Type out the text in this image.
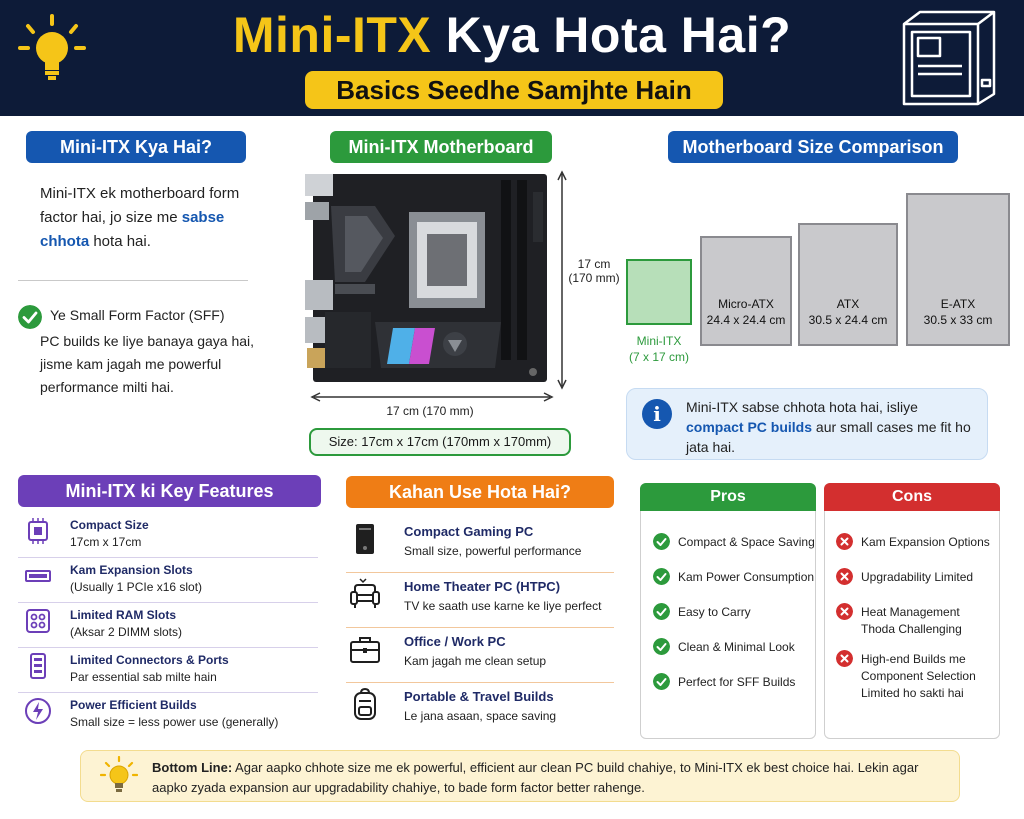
Mini-ITX Kya Hota Hai?
Basics Seedhe Samjhte Hain
Mini-ITX Kya Hai?
Mini-ITX ek motherboard form factor hai, jo size me sabse chhota hota hai.
Ye Small Form Factor (SFF)
PC builds ke liye banaya gaya hai, jisme kam jagah me powerful performance milti hai.
Mini-ITX Motherboard
17 cm
(170 mm)
17 cm (170 mm)
Size: 17cm x 17cm (170mm x 170mm)
Motherboard Size Comparison
Mini-ITX
(7 x 17 cm)
Micro-ATX
24.4 x 24.4 cm
ATX
30.5 x 24.4 cm
E-ATX
30.5 x 33 cm
i	Mini-ITX sabse chhota hota hai, isliye compact PC builds aur small cases me fit ho jata hai.
Mini-ITX ki Key Features
Compact Size
17cm x 17cm
Kam Expansion Slots
(Usually 1 PCIe x16 slot)
Limited RAM Slots
(Aksar 2 DIMM slots)
Limited Connectors & Ports
Par essential sab milte hain
Power Efficient Builds
Small size = less power use (generally)
Kahan Use Hota Hai?
Compact Gaming PC
Small size, powerful performance
Home Theater PC (HTPC)
TV ke saath use karne ke liye perfect
Office / Work PC
Kam jagah me clean setup
Portable & Travel Builds
Le jana asaan, space saving
Pros
Compact & Space Saving
Kam Power Consumption
Easy to Carry
Clean & Minimal Look
Perfect for SFF Builds
Cons
Kam Expansion Options
Upgradability Limited
Heat Management
Thoda Challenging
High-end Builds me
Component Selection
Limited ho sakti hai
Bottom Line: Agar aapko chhote size me ek powerful, efficient aur clean PC build chahiye, to Mini-ITX ek best choice hai. Lekin agar aapko zyada expansion aur upgradability chahiye, to bade form factor better rahenge.
